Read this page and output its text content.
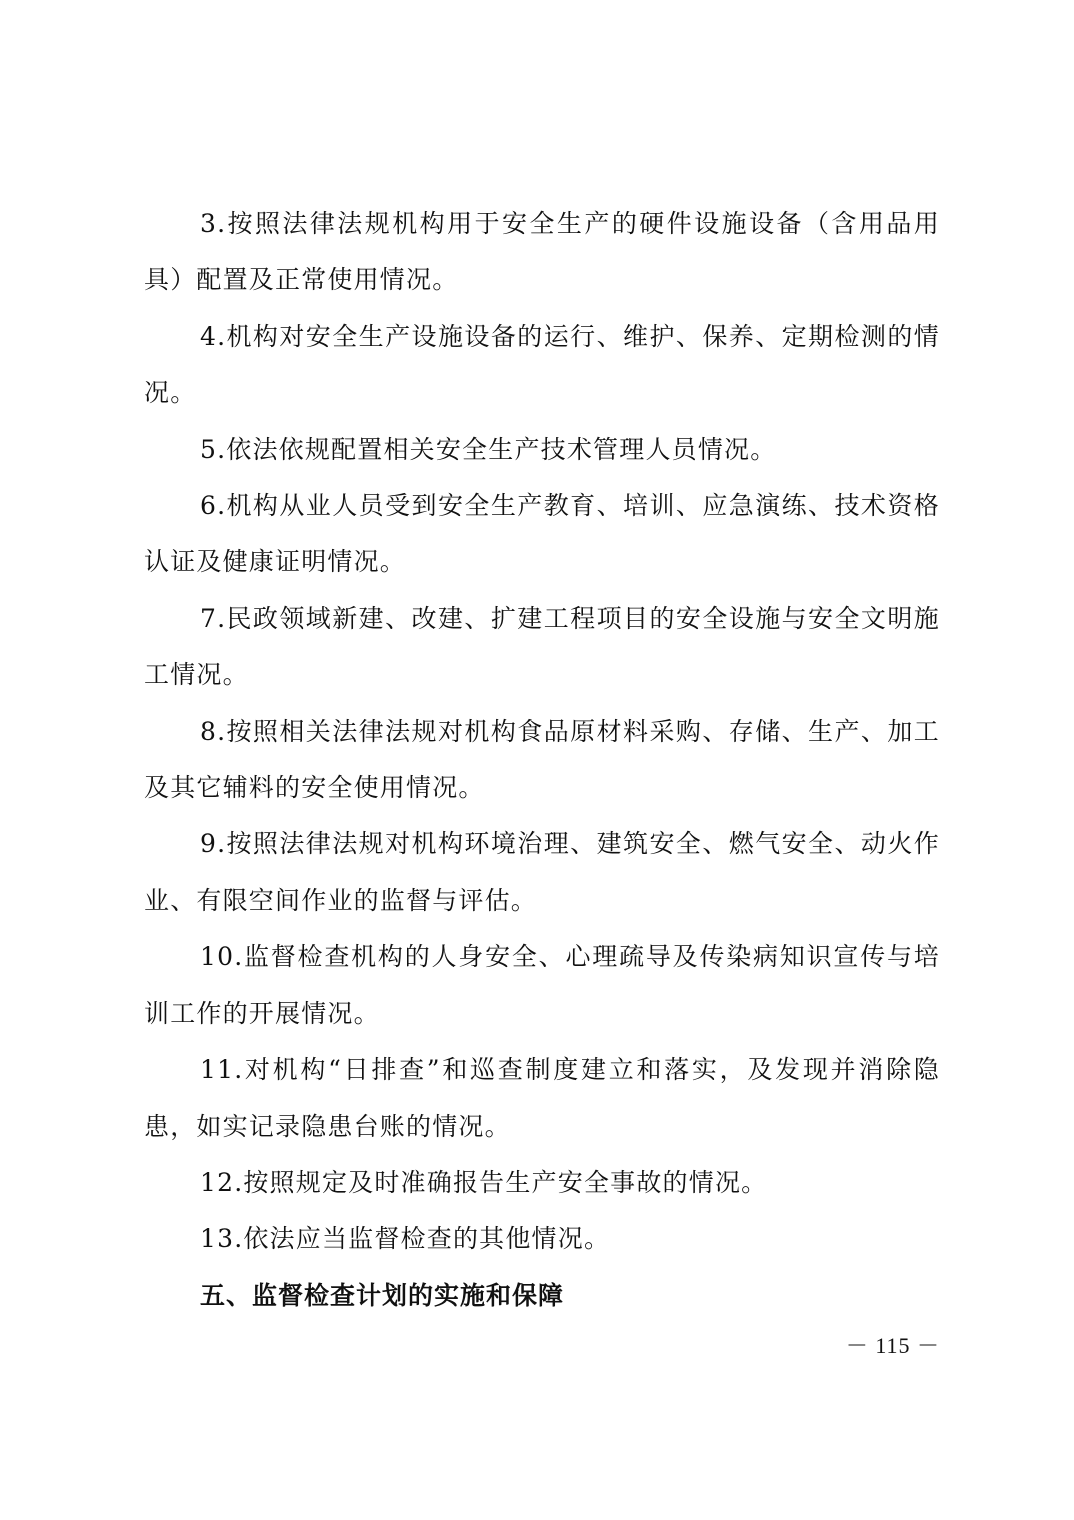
3.按照法律法规机构用于安全生产的硬件设施设备（含用品用具）配置及正常使用情况。

4.机构对安全生产设施设备的运行、维护、保养、定期检测的情况。

5.依法依规配置相关安全生产技术管理人员情况。

6.机构从业人员受到安全生产教育、培训、应急演练、技术资格认证及健康证明情况。

7.民政领域新建、改建、扩建工程项目的安全设施与安全文明施工情况。

8.按照相关法律法规对机构食品原材料采购、存储、生产、加工及其它辅料的安全使用情况。

9.按照法律法规对机构环境治理、建筑安全、燃气安全、动火作业、有限空间作业的监督与评估。

10.监督检查机构的人身安全、心理疏导及传染病知识宣传与培训工作的开展情况。

11.对机构“日排查”和巡查制度建立和落实，及发现并消除隐患，如实记录隐患台账的情况。

12.按照规定及时准确报告生产安全事故的情况。

13.依法应当监督检查的其他情况。

五、监督检查计划的实施和保障

－ 115 －
